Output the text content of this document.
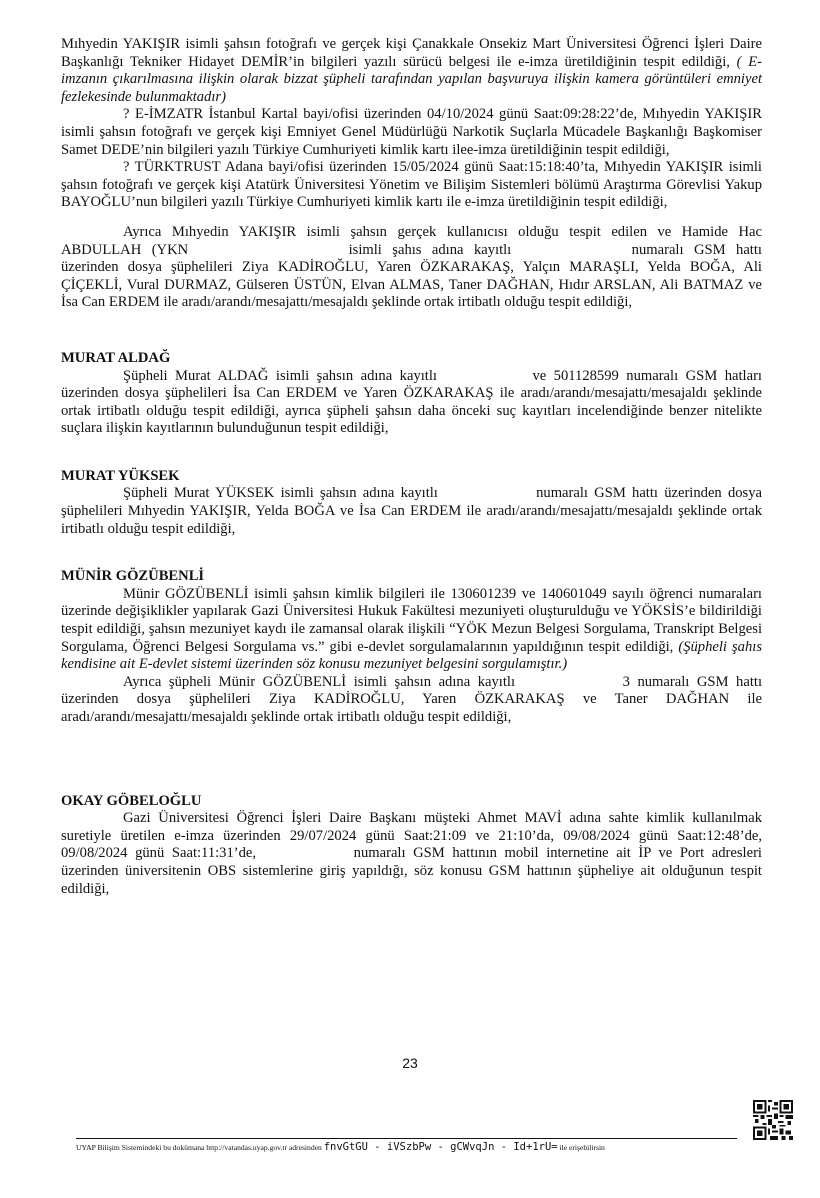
Mıhyedin YAKIŞIR isimli şahsın fotoğrafı ve gerçek kişi Çanakkale Onsekiz Mart Üniversitesi Öğrenci İşleri Daire Başkanlığı Tekniker Hidayet DEMİR’in bilgileri yazılı sürücü belgesi ile e-imza üretildiğinin tespit edildiği, ( E-imzanın çıkarılmasına ilişkin olarak bizzat şüpheli tarafından yapılan başvuruya ilişkin kamera görüntüleri emniyet fezlekesinde bulunmaktadır)

? E-İMZATR İstanbul Kartal bayi/ofisi üzerinden 04/10/2024 günü Saat:09:28:22’de, Mıhyedin YAKIŞIR isimli şahsın fotoğrafı ve gerçek kişi Emniyet Genel Müdürlüğü Narkotik Suçlarla Mücadele Başkanlığı Başkomiser Samet DEDE’nin bilgileri yazılı Türkiye Cumhuriyeti kimlik kartı ilee-imza üretildiğinin tespit edildiği,

? TÜRKTRUST Adana bayi/ofisi üzerinden 15/05/2024 günü Saat:15:18:40’ta, Mıhyedin YAKIŞIR isimli şahsın fotoğrafı ve gerçek kişi Atatürk Üniversitesi Yönetim ve Bilişim Sistemleri bölümü Araştırma Görevlisi Yakup BAYOĞLU’nun bilgileri yazılı Türkiye Cumhuriyeti kimlik kartı ile e-imza üretildiğinin tespit edildiği,

Ayrıca Mıhyedin YAKIŞIR isimli şahsın gerçek kullanıcısı olduğu tespit edilen ve Hamide Hac ABDULLAH (YKN	isimli şahıs adına kayıtlı	numaralı GSM hattı üzerinden dosya şüphelileri Ziya KADİROĞLU, Yaren ÖZKARAKAŞ, Yalçın MARAŞLI, Yelda BOĞA, Ali ÇİÇEKLİ, Vural DURMAZ, Gülseren ÜSTÜN, Elvan ALMAS, Taner DAĞHAN, Hıdır ARSLAN, Ali BATMAZ ve İsa Can ERDEM ile aradı/arandı/mesajattı/mesajaldı şeklinde ortak irtibatlı olduğu tespit edildiği,

MURAT ALDAĞ

Şüpheli Murat ALDAĞ isimli şahsın adına kayıtlı	ve 501128599 numaralı GSM hatları üzerinden dosya şüphelileri İsa Can ERDEM ve Yaren ÖZKARAKAŞ ile aradı/arandı/mesajattı/mesajaldı şeklinde ortak irtibatlı olduğu tespit edildiği, ayrıca şüpheli şahsın daha önceki suç kayıtları incelendiğinde benzer nitelikte suçlara ilişkin kayıtlarının bulunduğunun tespit edildiği,

MURAT YÜKSEK

Şüpheli Murat YÜKSEK isimli şahsın adına kayıtlı	numaralı GSM hattı üzerinden dosya şüphelileri Mıhyedin YAKIŞIR, Yelda BOĞA ve İsa Can ERDEM ile aradı/arandı/mesajattı/mesajaldı şeklinde ortak irtibatlı olduğu tespit edildiği,

MÜNİR GÖZÜBENLİ

Münir GÖZÜBENLİ isimli şahsın kimlik bilgileri ile 130601239 ve 140601049 sayılı öğrenci numaraları üzerinde değişiklikler yapılarak Gazi Üniversitesi Hukuk Fakültesi mezuniyeti oluşturulduğu ve YÖKSİS’e bildirildiği tespit edildiği, şahsın mezuniyet kaydı ile zamansal olarak ilişkili “YÖK Mezun Belgesi Sorgulama, Transkript Belgesi Sorgulama, Öğrenci Belgesi Sorgulama vs.” gibi e-devlet sorgulamalarının yapıldığının tespit edildiği, (Şüpheli şahıs kendisine ait E-devlet sistemi üzerinden söz konusu mezuniyet belgesini sorgulamıştır.)

Ayrıca şüpheli Münir GÖZÜBENLİ isimli şahsın adına kayıtlı	3 numaralı GSM hattı üzerinden dosya şüphelileri Ziya KADİROĞLU, Yaren ÖZKARAKAŞ ve Taner DAĞHAN ile aradı/arandı/mesajattı/mesajaldı şeklinde ortak irtibatlı olduğu tespit edildiği,

OKAY GÖBELOĞLU

Gazi Üniversitesi Öğrenci İşleri Daire Başkanı müşteki Ahmet MAVİ adına sahte kimlik kullanılmak suretiyle üretilen e-imza üzerinden 29/07/2024 günü Saat:21:09 ve 21:10’da, 09/08/2024 günü Saat:12:48’de, 09/08/2024 günü Saat:11:31’de,	numaralı GSM hattının mobil internetine ait İP ve Port adresleri üzerinden üniversitenin OBS sistemlerine giriş yapıldığı, söz konusu GSM hattının şüpheliye ait olduğunun tespit edildiği,

23
UYAP Bilişim Sistemindeki bu dokümana http://vatandas.uyap.gov.tr adresinden fnvGtGU - iVSzbPw - gCWvqJn - Id+1rU= ile erişebilirsin
